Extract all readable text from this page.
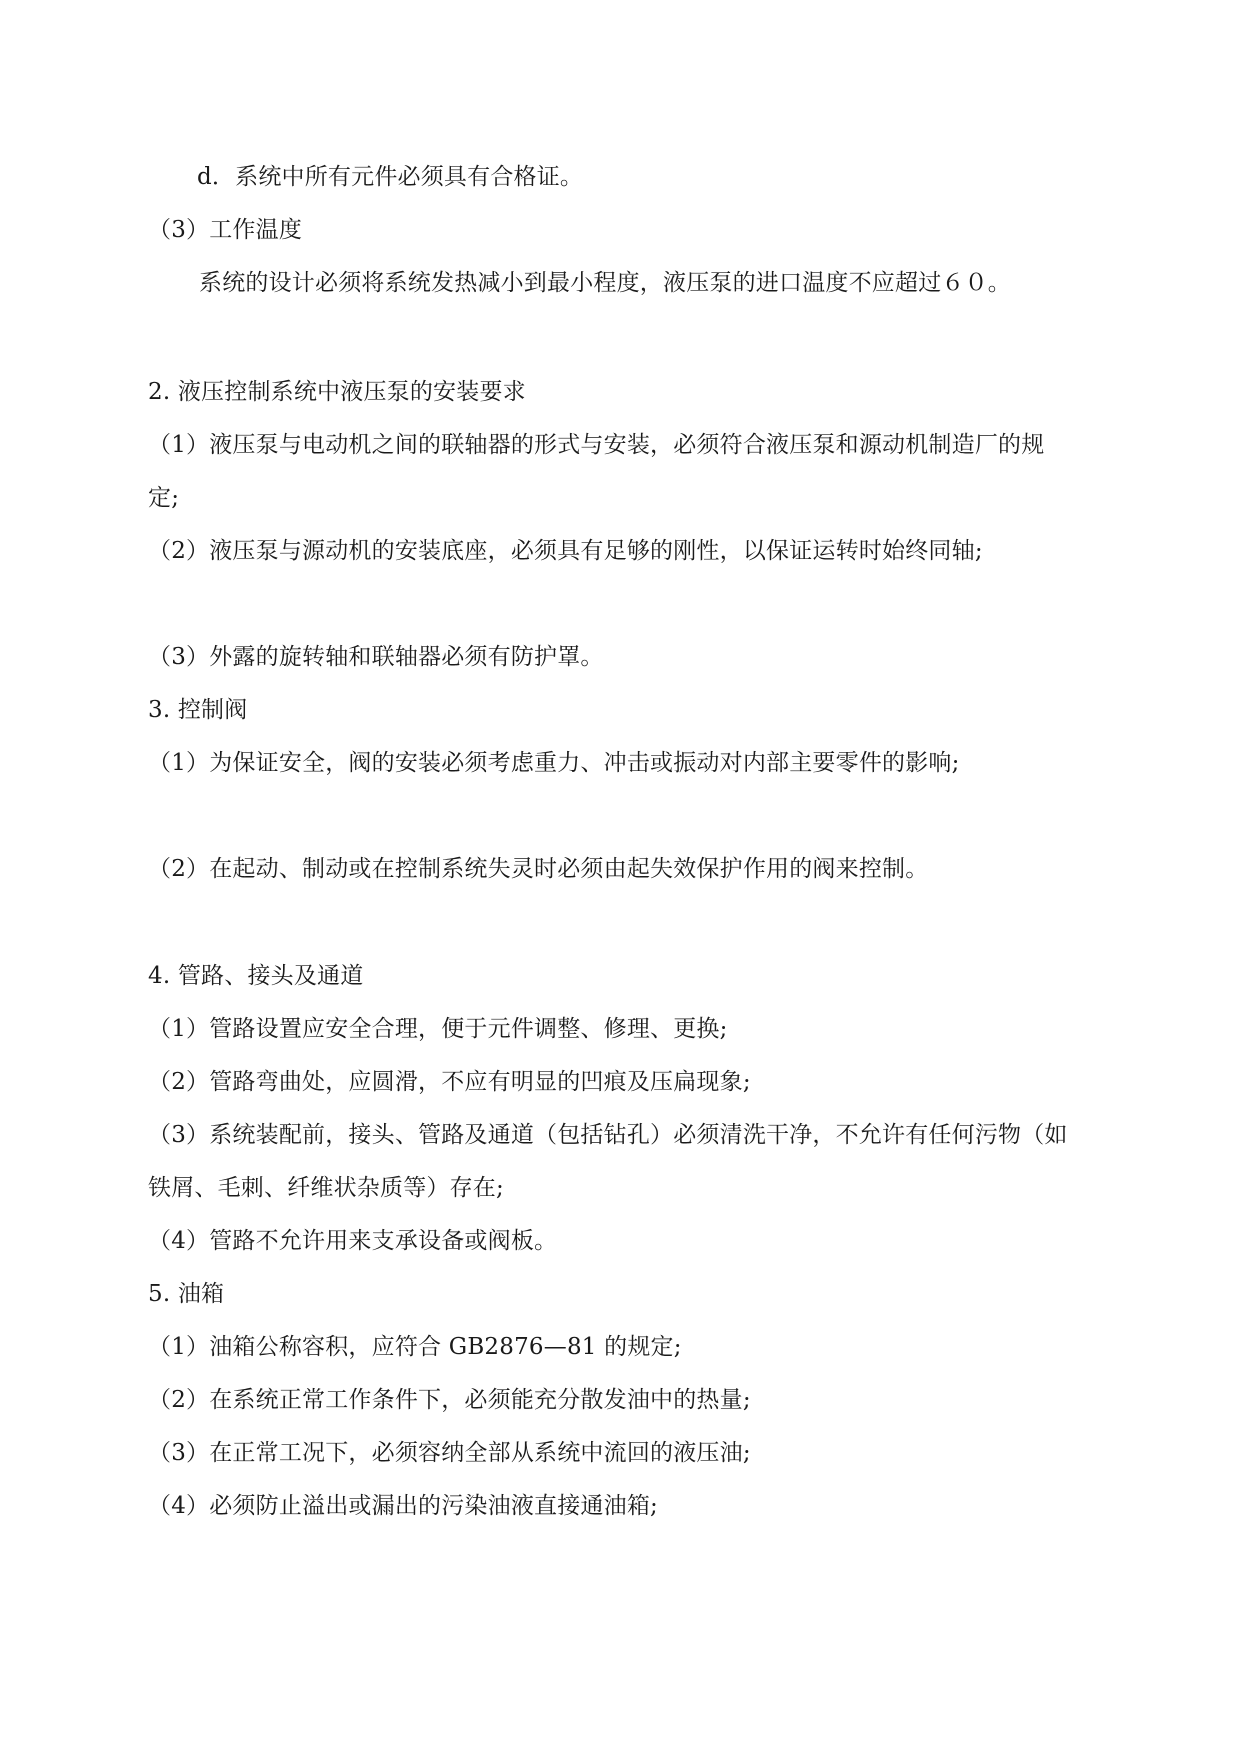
d．系统中所有元件必须具有合格证。
（3）工作温度
系统的设计必须将系统发热减小到最小程度，液压泵的进口温度不应超过６０。
2. 液压控制系统中液压泵的安装要求
（1）液压泵与电动机之间的联轴器的形式与安装，必须符合液压泵和源动机制造厂的规
定;
（2）液压泵与源动机的安装底座，必须具有足够的刚性，以保证运转时始终同轴;
（3）外露的旋转轴和联轴器必须有防护罩。
3. 控制阀
（1）为保证安全，阀的安装必须考虑重力、冲击或振动对内部主要零件的影响;
（2）在起动、制动或在控制系统失灵时必须由起失效保护作用的阀来控制。
4. 管路、接头及通道
（1）管路设置应安全合理，便于元件调整、修理、更换;
（2）管路弯曲处，应圆滑，不应有明显的凹痕及压扁现象;
（3）系统装配前，接头、管路及通道（包括钻孔）必须清洗干净，不允许有任何污物（如
铁屑、毛刺、纤维状杂质等）存在;
（4）管路不允许用来支承设备或阀板。
5. 油箱
（1）油箱公称容积，应符合 GB2876—81 的规定;
（2）在系统正常工作条件下，必须能充分散发油中的热量;
（3）在正常工况下，必须容纳全部从系统中流回的液压油;
（4）必须防止溢出或漏出的污染油液直接通油箱;
